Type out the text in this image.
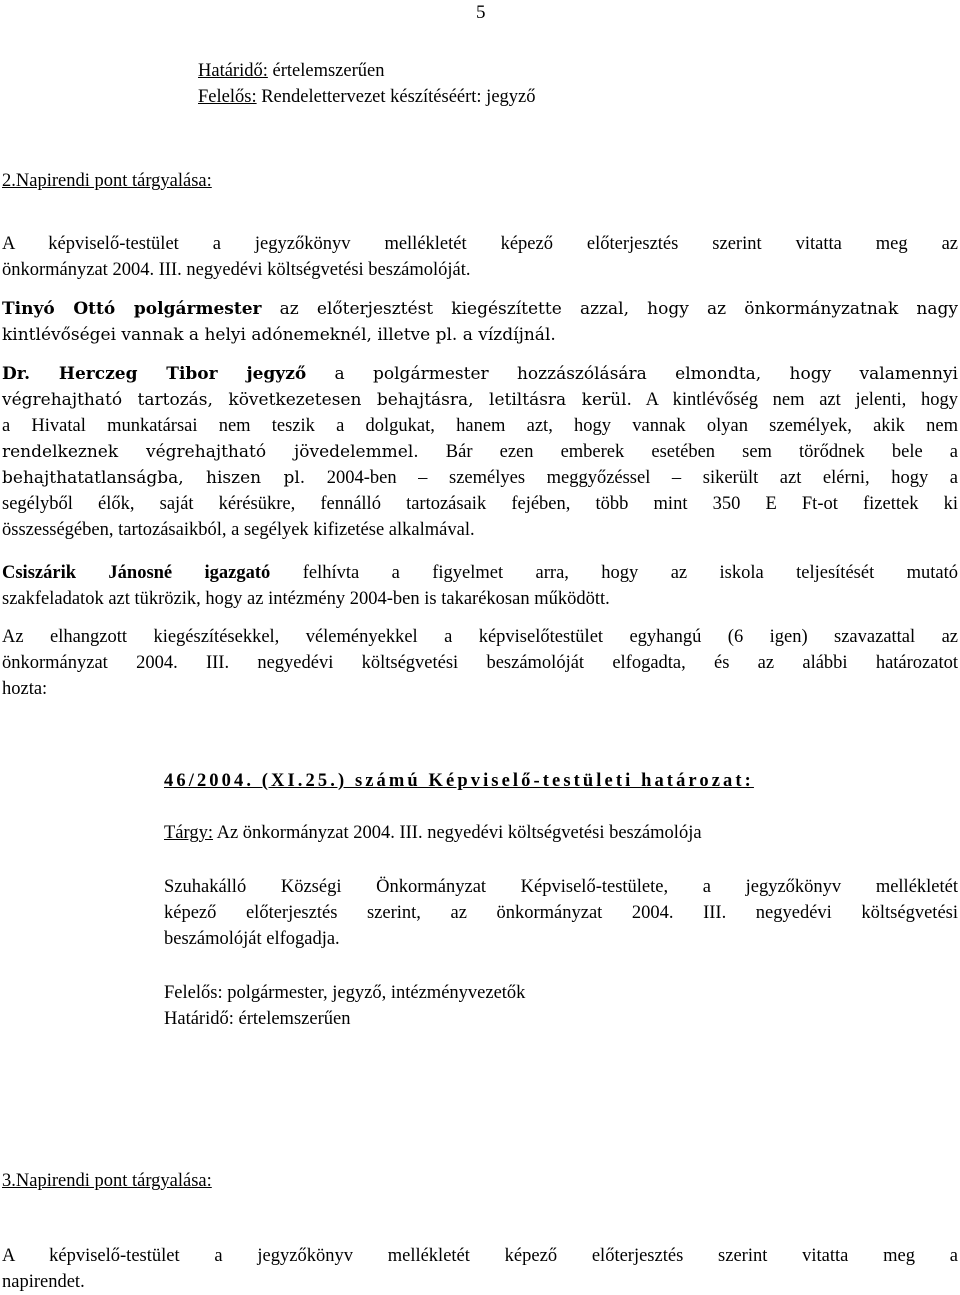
5
Határidő: értelemszerűen
Felelős: Rendelettervezet készítéséért: jegyző
2.Napirendi pont tárgyalása:

A képviselő-testület a jegyzőkönyv mellékletét képező előterjesztés szerint vitatta meg az

önkormányzat 2004. III. negyedévi költségvetési beszámolóját.

Tinyó Ottó polgármester az előterjesztést kiegészítette azzal, hogy az önkormányzatnak nagy

kintlévőségei vannak a helyi adónemeknél, illetve pl. a vízdíjnál.

Dr. Herczeg Tibor jegyző a polgármester hozzászólására elmondta, hogy valamennyi

végrehajtható tartozás, következetesen behajtásra, letiltásra kerül. A kintlévőség nem azt jelenti, hogy

a Hivatal munkatársai nem teszik a dolgukat, hanem azt, hogy vannak olyan személyek, akik nem

rendelkeznek végrehajtható jövedelemmel. Bár ezen emberek esetében sem törődnek bele a

behajthatatlanságba, hiszen pl. 2004-ben – személyes meggyőzéssel – sikerült azt elérni, hogy a

segélyből élők, saját kérésükre, fennálló tartozásaik fejében, több mint 350 E Ft-ot fizettek ki

összességében, tartozásaikból, a segélyek kifizetése alkalmával.

Csiszárik Jánosné igazgató felhívta a figyelmet arra, hogy az iskola teljesítését mutató

szakfeladatok azt tükrözik, hogy az intézmény 2004-ben is takarékosan működött.

Az elhangzott kiegészítésekkel, véleményekkel a képviselőtestület egyhangú (6 igen) szavazattal az

önkormányzat 2004. III. negyedévi költségvetési beszámolóját elfogadta, és az alábbi határozatot

hozta:

46/2004. (XI.25.) számú Képviselő-testületi határozat:

Tárgy: Az önkormányzat 2004. III. negyedévi költségvetési beszámolója

Szuhakálló Községi Önkormányzat Képviselő-testülete, a jegyzőkönyv mellékletét

képező előterjesztés szerint, az önkormányzat 2004. III. negyedévi költségvetési

beszámolóját elfogadja.

Felelős: polgármester, jegyző, intézményvezetők

Határidő: értelemszerűen

3.Napirendi pont tárgyalása:

A képviselő-testület a jegyzőkönyv mellékletét képező előterjesztés szerint vitatta meg a

napirendet.
